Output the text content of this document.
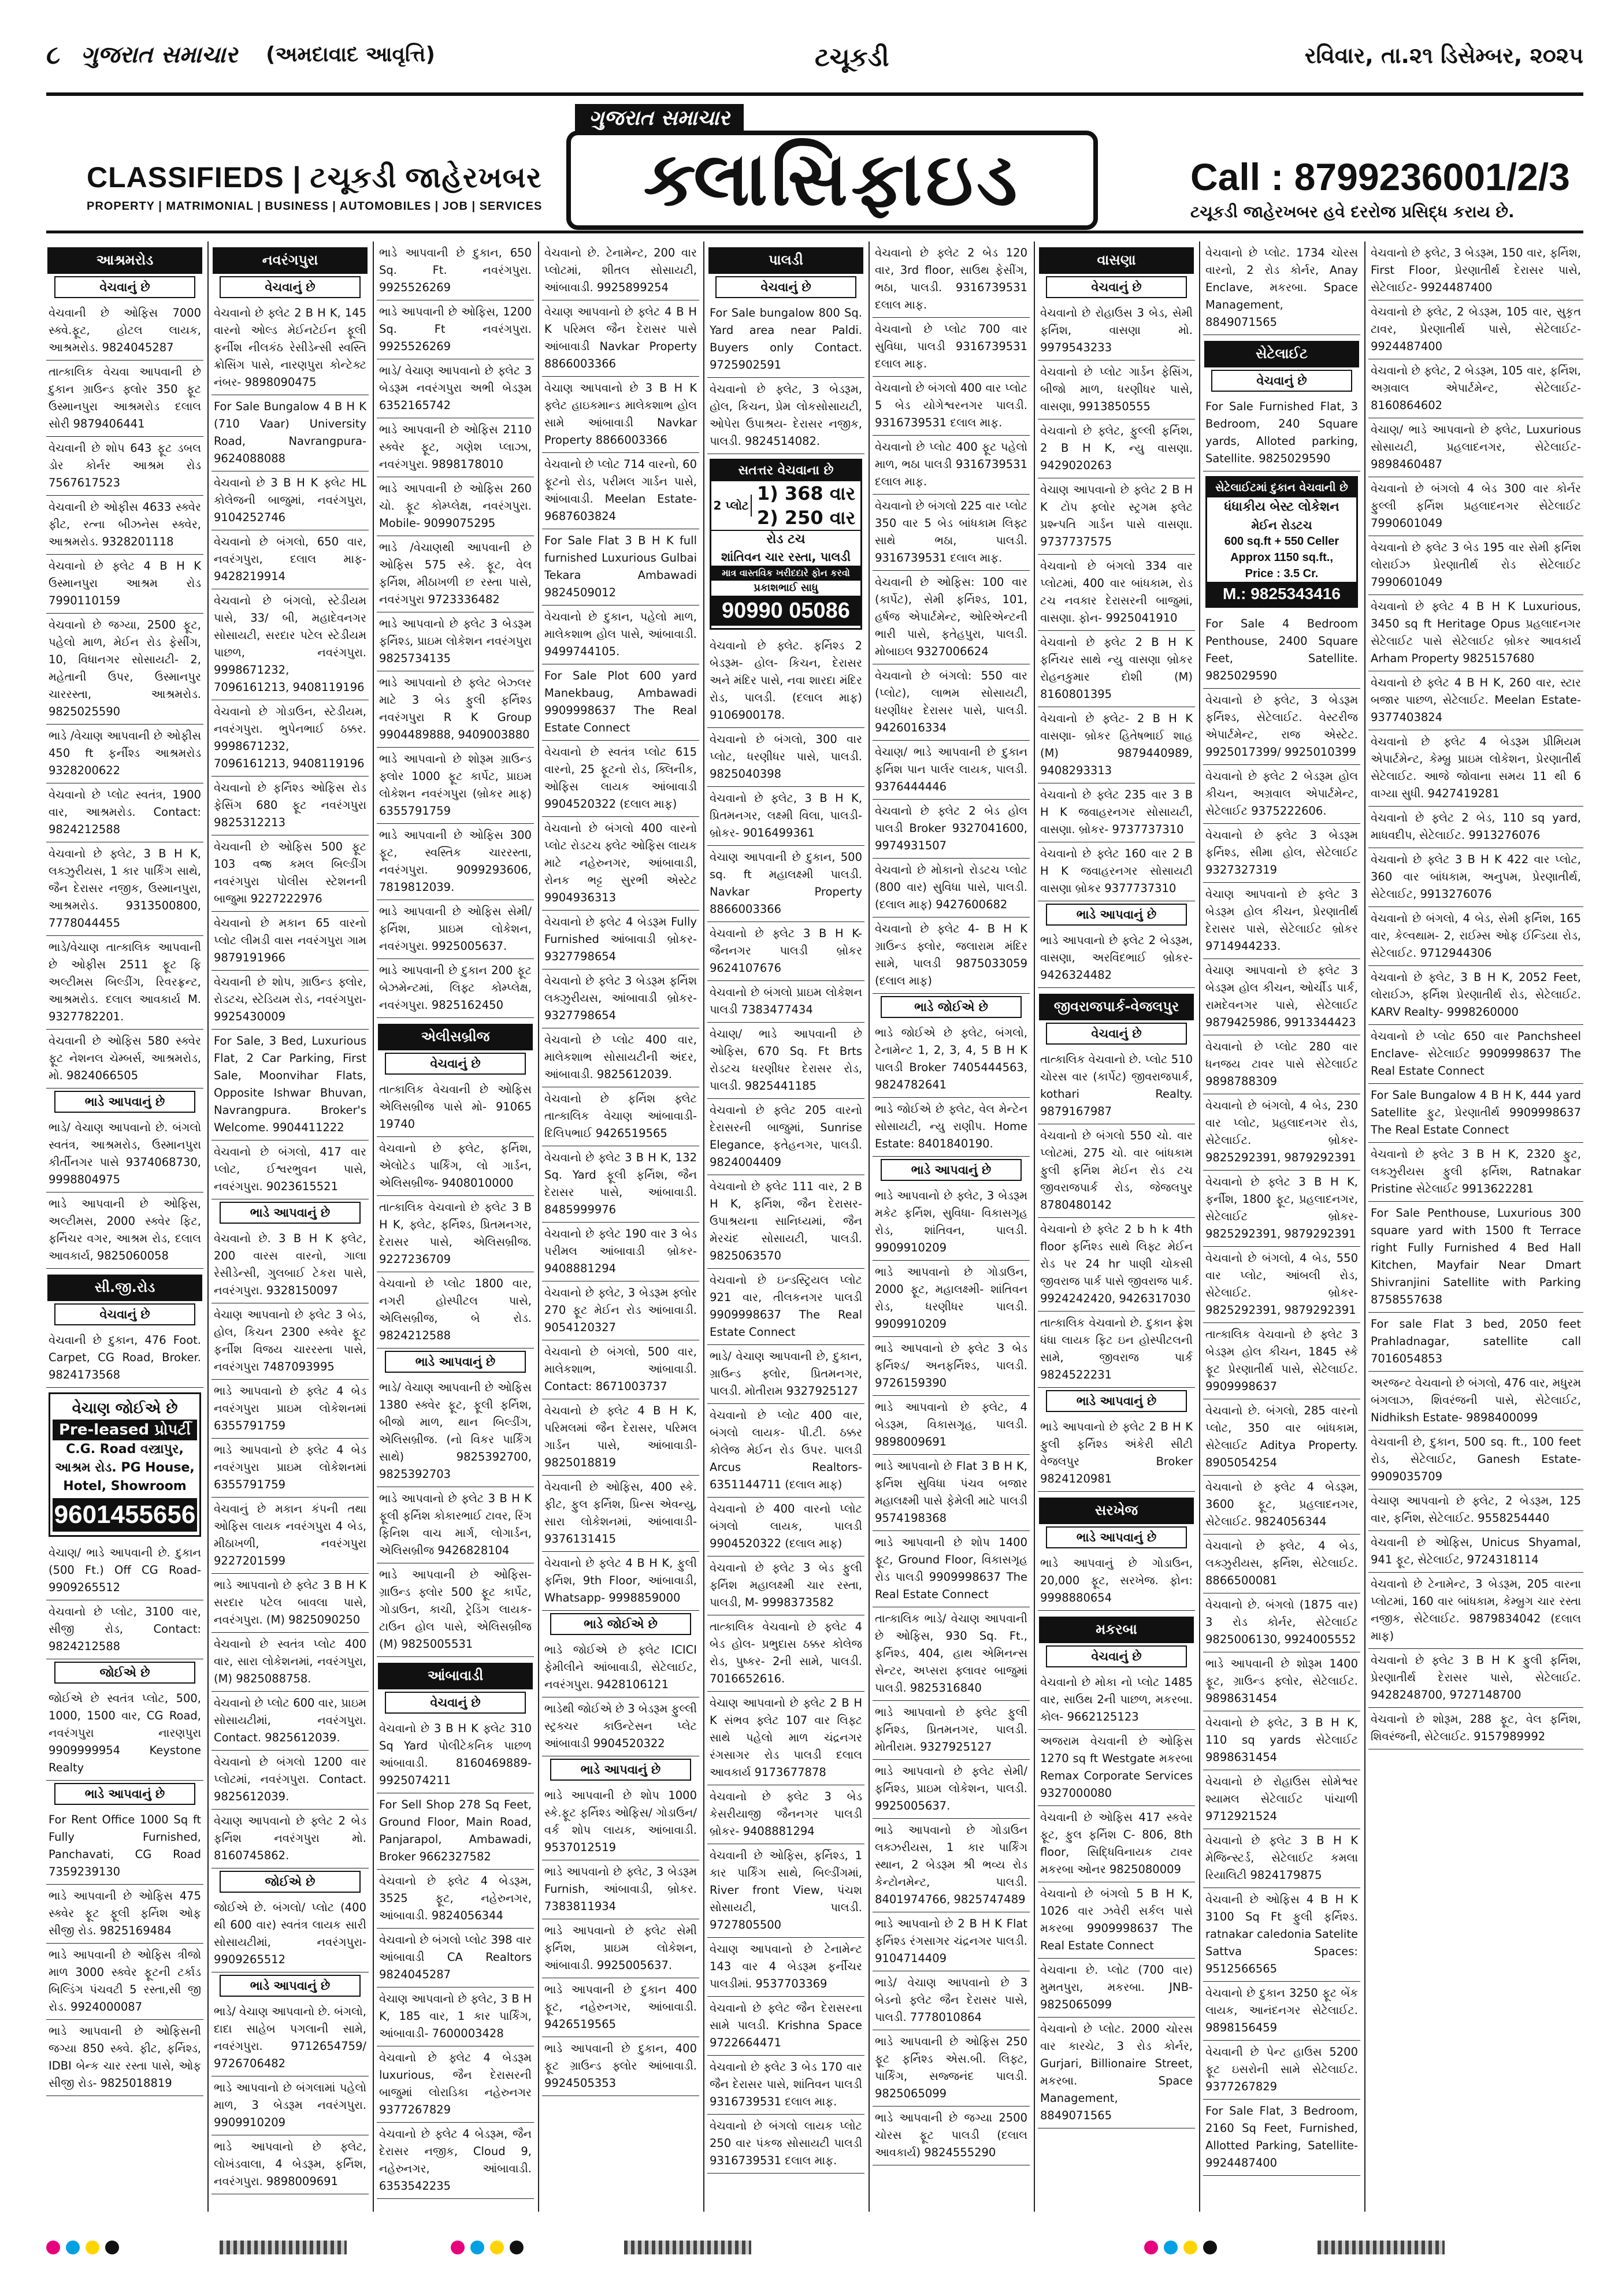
૮ ગુજરાત સમાચાર (અમદાવાદ આવૃત્તિ)	ટચૂકડી	રવિવાર, તા.૨૧ ડિસેમ્બર, ૨૦૨૫
CLASSIFIEDS | ટચૂકડી જાહેરખબર
PROPERTY | MATRIMONIAL | BUSINESS | AUTOMOBILES | JOB | SERVICES
ગુજરાત સમાચાર
ક્લાસિફાઇડ	Call : 8799236001/2/3
ટચૂકડી જાહેરખબર હવે દરરોજ પ્રસિદ્ધ કરાય છે.
આશ્રમરોડ
વેચવાનું છે
વેચવાની છે ઓફિસ 7000 સ્ક્વે.ફૂટ, હોટલ લાયક, આશ્રમરોડ. 9824045287
તાત્કાલિક વેચવા આપવાની છે દુકાન ગ્રાઉન્ડ ફ્લોર 350 ફૂટ ઉસ્માનપુરા આશ્રમરોડ દલાલ સોરી 9879406441
વેચવાની છે શોપ 643 ફૂટ ડબલ ડોર કોર્નર આશ્રમ રોડ 7567617523
વેચવાની છે ઓફીસ 4633 સ્ક્વેર ફીટ, રત્ના બીઝનેસ સ્ક્વેર, આશ્રમરોડ. 9328201118
વેચવાનો છે ફ્લેટ 4 B H K ઉસ્માનપુરા આશ્રમ રોડ 7990110159
વેચવાનો છે જગ્યા, 2500 ફૂટ, પહેલો માળ, મેઈન રોડ ફેસીંગ, 10, વિધાનગર સોસાયટી- 2, મહેતાની ઉપર, ઉસ્માનપુર ચારરસ્તા, આશ્રમરોડ. 9825025590
ભાડે /વેચાણ આપવાની છે ઓફીસ 450 ft ફર્નીશ્ડ આશ્રમરોડ 9328200622
વેચવાનો છે પ્લોટ સ્વતંત્ર, 1900 વાર, આશ્રમરોડ. Contact: 9824212588
વેચવાનો છે ફ્લેટ, 3 B H K, લક્ઝુરીયસ, 1 કાર પાર્કિંગ સાથે, જૈન દેરાસર નજીક, ઉસ્માનપુરા, આશ્રમરોડ. 9313500800, 7778044455
ભાડે/વેચાણ તાત્કાલિક આપવાની છે ઓફીસ 2511 ફૂટ ફિ અલ્ટીમસ બિલ્ડીંગ, રિવરફ્રન્ટ, આશ્રમરોડ. દલાલ આવકાર્ય M. 9327782201.
વેચવાની છે ઓફિસ 580 સ્ક્વેર ફૂટ નેશનલ ચેમ્બર્સ, આશ્રમરોડ, મો. 9824066505
ભાડે આપવાનું છે
ભાડે/ વેચાણ આપવાનો છે. બંગલો સ્વતંત્ર, આશ્રમરોડ, ઉસ્માનપુરા કીર્તીનગર પાસે 9374068730, 9998804975
ભાડે આપવાની છે ઓફિસ, અલ્ટીમસ, 2000 સ્ક્વેર ફિટ, ફર્નિચર વગર, આશ્રમ રોડ, દલાલ આવકાર્ય, 9825060058
સી.જી.રોડ
વેચવાનું છે
વેચવાની છે દુકાન, 476 Foot. Carpet, CG Road, Broker. 9824173568
વેચાણ જોઈએ છે
Pre-leased પ્રોપર્ટી
C.G. Road વસ્ત્રાપુર,
આશ્રમ રોડ. PG House,
Hotel, Showroom
9601455656
વેચાણ/ ભાડે આપવાની છે. દુકાન (500 Ft.) Off CG Road- 9909265512
વેચવાનો છે પ્લોટ, 3100 વાર, સીજી રોડ, Contact: 9824212588
જોઈએ છે
જોઈએ છે સ્વતંત્ર પ્લોટ, 500, 1000, 1500 વાર, CG Road, નવરંગપુરા નારણપુરા 9909999954 Keystone Realty
ભાડે આપવાનું છે
For Rent Office 1000 Sq ft Fully Furnished, Panchavati, CG Road 7359239130
ભાડે આપવાની છે ઓફિસ 475 સ્ક્વેર ફૂટ ફૂલી ફર્નિશ ઓફ સીજી રોડ. 9825169484
ભાડે આપવાની છે ઓફિસ ત્રીજો માળ 3000 સ્ક્વેર ફૂટની ટર્કાડ બિલ્ડિંગ પંચવટી 5 રસ્તા,સી જી રોડ. 9924000087
ભાડે આપવાની છે ઓફિસની જગ્યા 850 સ્ક્વે. ફીટ, ફર્નિશ્ડ, IDBI બેન્ક ચાર રસ્તા પાસે, ઓફ સીજી રોડ- 9825018819
નવરંગપુરા
વેચવાનું છે
વેચવાનો છે ફ્લેટ 2 B H K, 145 વારનો ઓલ્ડ મેઈનટેઈન ફૂલી ફર્નીશ નીલકંઠ રેસીડેન્સી સ્વસ્તિ ક્રોસિંગ પાસે, નારણપુરા કોન્ટેક્ટ નંબર- 9898090475
For Sale Bungalow 4 B H K (710 Vaar) University Road, Navrangpura- 9624088088
વેચવાનો છે 3 B H K ફ્લેટ HL કોલેજની બાજુમાં, નવરંગપુરા, 9104252746
વેચવાનો છે બંગલો, 650 વાર, નવરંગપુરા, દલાલ માફ- 9428219914
વેચવાનો છે બંગલો, સ્ટેડીયમ પાસે, 33/ બી, મહાદેવનગર સોસાયટી, સરદાર પટેલ સ્ટેડીયમ પાછળ, નવરંગપુરા. 9998671232, 7096161213, 9408119196
વેચવાનો છે ગોડાઉન, સ્ટેડીયમ, નવરંગપુરા. ભુપેનભાઈ ઠક્કર. 9998671232, 7096161213, 9408119196
વેચવાનો છે ફર્નિશ્ડ ઓફિસ રોડ ફેસિંગ 680 ફૂટ નવરંગપુરા 9825312213
વેચવાની છે ઓફિસ 500 ફૂટ 103 વજ્ર કમલ બિલ્ડીંગ નવરંગપુરા પોલીસ સ્ટેશનની બાજુમા 9227222976
વેચવાનો છે મકાન 65 વારનો પ્લોટ લીમડી વાસ નવરંગપુરા ગામ 9879191966
વેચવાની છે શોપ, ગ્રાઉન્ડ ફ્લોર, રોડટચ, સ્ટેડિયમ રોડ, નવરંગપુરા- 9925430009
For Sale, 3 Bed, Luxurious Flat, 2 Car Parking, First Sale, Moonvihar Flats, Opposite Ishwar Bhuvan, Navrangpura. Broker's Welcome. 9904411222
વેચવાનો છે બંગલો, 417 વાર પ્લોટ, ઈશ્વરભુવન પાસે, નવરંગપુરા. 9023615521
ભાડે આપવાનું છે
વેચવાનો છે. 3 B H K ફ્લેટ, 200 વારસ વારનો, ગાલા રેસીડેન્સી, ગુલબાઈ ટેકરા પાસે, નવરંગપુરા. 9328150097
વેચાણ આપવાનો છે ફ્લેટ 3 બેડ, હોલ, કિચન 2300 સ્ક્વેર ફૂટ ફર્નીશ વિજય ચારરસ્તા પાસે, નવરંગપુરા 7487093995
ભાડે આપવાનો છે ફ્લેટ 4 બેડ નવરંગપુરા પ્રાઇમ લોકેશનમાં 6355791759
ભાડે આપવાનો છે ફ્લેટ 4 બેડ નવરંગપુરા પ્રાઇમ લોકેશનમાં 6355791759
વેચવાનું છે મકાન કંપની તથા ઓફિસ લાયક નવરંગપુરા 4 બેડ, મીઠાખળી, નવરંગપુરા 9227201599
ભાડે આપવાનો છે ફ્લેટ 3 B H K સરદાર પટેલ બાવલા પાસે, નવરંગપુરા. (M) 9825090250
વેચવાનો છે સ્વતંત્ર પ્લોટ 400 વાર, સારા લોકેશનમાં, નવરંગપુરા, (M) 9825088758.
વેચવાનો છે પ્લોટ 600 વાર, પ્રાઇમ સોસાયટીમાં, નવરંગપુરા. Contact. 9825612039.
વેચવાનો છે બંગલો 1200 વાર પ્લોટમાં, નવરંગપુરા. Contact. 9825612039.
વેચાણ આપવાનો છે ફ્લેટ 2 બેડ ફર્નિશ નવરંગપુરા મો. 8160745862.
જોઈએ છે
જોઈએ છે. બંગલો/ પ્લોટ (400 થી 600 વાર) સ્વતંત્ર લાયક સારી સોસાયટીમાં, નવરંગપુરા- 9909265512
ભાડે આપવાનું છે
ભાડે/ વેચાણ આપવાનો છે. બંગલો, દાદા સાહેબ પગલાની સામે, નવરંગપુરા. 9712654759/ 9726706482
ભાડે આપવાનો છે બંગલામાં પહેલો માળ, 3 બેડરૂમ નવરંગપુરા. 9909910209
ભાડે આપવાનો છે ફ્લેટ, લોખંડવાલા, 4 બેડરૂમ, ફર્નિશ, નવરંગપુરા. 9898009691
ભાડે આપવાની છે દુકાન, 650 Sq. Ft. નવરંગપુરા. 9925526269
ભાડે આપવાની છે ઓફિસ, 1200 Sq. Ft નવરંગપુરા. 9925526269
ભાડે/ વેચાણ આપવાનો છે ફ્લેટ 3 બેડરૂમ નવરંગપુરા અભી બેડરૂમ 6352165742
ભાડે આપવાની છે ઓફિસ 2110 સ્ક્વેર ફૂટ, ગણેશ પ્લાઝા, નવરંગપુરા. 9898178010
ભાડે આપવાની છે ઓફિસ 260 ચો. ફૂટ કોમ્પ્લેક્ષ, નવરંગપુરા. Mobile- 9099075295
ભાડે /વેચાણથી આપવાની છે ઓફિસ 575 સ્કે. ફૂટ, વેલ ફર્નિશ, મીઠાખળી છ રસ્તા પાસે, નવરંગપુરા 9723336482
ભાડે આપવાનો છે ફ્લેટ 3 બેડરૂમ ફર્નિશ્ડ, પ્રાઇમ લોકેશન નવરંગપુરા 9825734135
ભાડે આપવાનો છે ફ્લેટ બેઝ્લર માટે 3 બેડ ફુલી ફર્નિશ્ડ નવરંગપુરા R K Group 9904489888, 9409003880
ભાડે આપવાનો છે શોરૂમ ગ્રાઉન્ડ ફ્લોર 1000 ફૂટ કાર્પેટ, પ્રાઇમ લોકેશન નવરંગપુરા (બ્રોકર માફ) 6355791759
ભાડે આપવાની છે ઓફિસ 300 ફૂટ, સ્વસ્તિક ચારરસ્તા, નવરંગપુરા. 9099293606, 7819812039.
ભાડે આપવાની છે ઓફિસ સેમી/ ફર્નિશ, પ્રાઇમ લોકેશન, નવરંગપુરા. 9925005637.
ભાડે આપવાની છે દુકાન 200 ફૂટ બેઝમેન્ટમાં, લિફ્ટ કોમ્પ્લેક્ષ, નવરંગપુરા. 9825162450
એલીસબ્રીજ
વેચવાનું છે
તાત્કાલિક વેચવાની છે ઓફિસ એલિસબ્રીજ પાસે મો- 91065 19740
વેચવાનો છે ફ્લેટ, ફર્નિશ, એલોટેડ પાર્કિંગ, લો ગાર્ડન, એલિસબ્રીજ- 9408010000
તાત્કાલિક વેચવાનો છે ફ્લેટ 3 B H K, ફ્લેટ, ફર્નિશ્ડ, પ્રિતમનગર, દેરાસર પાસે, એલિસબ્રીજ. 9227236709
વેચવાનો છે પ્લોટ 1800 વાર, નગરી હોસ્પીટલ પાસે, એલિસબ્રીજ, બે રોડ. 9824212588
ભાડે આપવાનું છે
ભાડે/ વેચાણ આપવાની છે ઓફિસ 1380 સ્ક્વેર ફૂટ, ફૂલી ફર્નિશ, બીજો માળ, થાન બિલ્ડીંગ, એલિસબ્રીજ. (નો વિકર પાર્કિંગ સાથે) 9825392700, 9825392703
ભાડે આપવાનો છે ફ્લેટ 3 B H K ફૂલી ફર્નિશ કોકારભાઈ ટાવર, રિંગ ફિનિશ વાચ માર્ગ, લોગાર્ડન, એલિસબ્રીજ 9426828104
ભાડે આપવાની છે ઓફિસ- ગ્રાઉન્ડ ફ્લોર 500 ફૂટ કાર્પેટ, ગોડાઉન, કાચી, ટ્રેડિંગ લાયક- ટાઉન હોલ પાસે, એલિસબ્રીજ (M) 9825005531
આંબાવાડી
વેચવાનું છે
વેચવાનો છે 3 B H K ફ્લેટ 310 Sq Yard પોલીટેકનિક પાછળ આંબાવાડી. 8160469889- 9925074211
For Sell Shop 278 Sq Feet, Ground Floor, Main Road, Panjarapol, Ambawadi, Broker 9662327582
વેચવાનો છે ફ્લેટ 4 બેડરૂમ, 3525 ફૂટ, નહેરુનગર, આંબાવાડી. 9824056344
વેચવાનો છે બંગલો પ્લોટ 398 વાર આંબાવાડી CA Realtors 9824045287
વેચાણ આપવાનો છે ફ્લેટ, 3 B H K, 185 વાર, 1 કાર પાર્કિંગ, આંબાવાડી- 7600003428
વેચવાનો છે ફ્લેટ 4 બેડરૂમ luxurious, જૈન દેરાસરની બાજુમાં લોરાડિકા નહેરુનગર 9377267829
વેચવાનો છે ફ્લેટ 4 બેડરૂમ, જૈન દેરાસર નજીક, Cloud 9, નહેરુનગર, આંબાવાડી. 6353542235
વેચવાનો છે. ટેનામેન્ટ, 200 વાર પ્લોટમાં, શીતલ સોસાયટી, આંબાવાડી. 9925899254
વેચાણ આપવાનો છે ફ્લેટ 4 B H K પરિમલ જૈન દેરાસર પાસે આંબાવાડી Navkar Property 8866003366
વેચાણ આપવાનો છે 3 B H K ફ્લેટ હાઇકમાન્ડ માલેકશાભ હોલ સામે આંબાવાડી Navkar Property 8866003366
વેચવાનો છે પ્લોટ 714 વારનો, 60 ફૂટનો રોડ, પરીમલ ગાર્ડન પાસે, આંબાવાડી. Meelan Estate- 9687603824
For Sale Flat 3 B H K full furnished Luxurious Gulbai Tekara Ambawadi 9824509012
વેચવાનો છે દુકાન, પહેલો માળ, માલેકશાભ હોલ પાસે, આંબાવાડી. 9499744105.
For Sale Plot 600 yard Manekbaug, Ambawadi 9909998637 The Real Estate Connect
વેચવાનો છે સ્વતંત્ર પ્લોટ 615 વારનો, 25 ફૂટનો રોડ, ક્લિનીક, ઓફિસ લાયક આંબાવાડી 9904520322 (દલાલ માફ)
વેચવાનો છે બંગલો 400 વારનો પ્લોટ રોડટચ ફ્લેટ ઓફિસ લાયક માટે નહેરુનગર, આંબાવાડી, રોનક ભટ્ટ સુરભી એસ્ટેટ 9904936313
વેચવાનો છે ફ્લેટ 4 બેડરૂમ Fully Furnished આંબાવાડી બ્રોકર- 9327798654
વેચવાનો છે ફ્લેટ 3 બેડરૂમ ફર્નિશ લક્ઝુરીયસ, આંબાવાડી બ્રોકર- 9327798654
વેચવાનો છે પ્લોટ 400 વાર, માલેકશાભ સોસાયટીની અંદર, આંબાવાડી. 9825612039.
વેચવાનો છે ફર્નિશ ફ્લેટ તાત્કાલિક વેચાણ આંબાવાડી- દિલિપભાઈ 9426519565
વેચવાનો છે ફ્લેટ 3 B H K, 132 Sq. Yard ફૂલી ફર્નિશ, જૈન દેરાસર પાસે, આંબાવાડી. 8485999976
વેચવાનો છે ફ્લેટ 190 વાર 3 બેડ પરીમલ આંબાવાડી બ્રોકર- 9408881294
વેચવાનો છે ફ્લેટ, 3 બેડરૂમ ફ્લોર 270 ફૂટ મેઈન રોડ આંબાવાડી. 9054120327
વેચવાનો છે બંગલો, 500 વાર, માલેકશાભ, આંબાવાડી. Contact: 8671003737
વેચવાનો છે ફ્લેટ 4 B H K, પરિમલમાં જૈન દેરાસર, પરિમલ ગાર્ડન પાસે, આંબાવાડી- 9825018819
વેચવાની છે ઓફિસ, 400 સ્કે. ફીટ, ફુલ ફર્નિશ, પ્રિન્સ એવન્યુ, સારા લોકેશનમાં, આંબાવાડી- 9376131415
વેચવાનો છે ફ્લેટ 4 B H K, ફુલી ફર્નિશ, 9th Floor, આંબાવાડી, Whatsapp- 9998859000
ભાડે જોઈએ છે
ભાડે જોઈએ છે ફ્લેટ ICICI ફેમીલીને આંબાવાડી, સેટેલાઈટ, નવરંગપુરા. 9428106121
ભાડેથી જોઈએ છે 3 બેડરૂમ ફુલ્લી સ્ટ્રક્ચર કાઉન્ટેસન પ્લેટ આંબાવાડી 9904520322
ભાડે આપવાનું છે
ભાડે આપવાની છે શોપ 1000 સ્કે.ફૂટ ફર્નિશ્ડ ઓફિસ/ ગોડાઉન/ વર્ક શોપ લાયક, આંબાવાડી. 9537012519
ભાડે આપવાનો છે ફ્લેટ, 3 બેડરૂમ Furnish, આંબાવાડી, બ્રોકર. 7383811934
ભાડે આપવાનો છે ફ્લેટ સેમી ફર્નિશ, પ્રાઇમ લોકેશન, આંબાવાડી. 9925005637.
ભાડે આપવાની છે દુકાન 400 ફૂટ, નહેરુનગર, આંબાવાડી. 9426519565
ભાડે આપવાની છે દુકાન, 400 ફૂટ ગ્રાઉન્ડ ફ્લોર આંબાવાડી. 9924505353
પાલડી
વેચવાનું છે
For Sale bungalow 800 Sq. Yard area near Paldi. Buyers only Contact. 9725902591
વેચવાનો છે ફ્લેટ, 3 બેડરૂમ, હોલ, કિચન, પ્રેમ લોકસોસાયટી, ઓપેરા ઉપાશ્રય- દેરાસર નજીક, પાલડી. 9824514082.
સતત્તર વેચવાના છે
2 પ્લોટ
1) 368 વાર
2) 250 વાર
રોડ ટચ
શાંતિવન ચાર રસ્તા, પાલડી
માત્ર વાસ્તવિક ખરીદદારે ફોન કરવો
પ્રકાશભાઈ સાધુ
90990 05086
વેચવાનો છે ફ્લેટ. ફર્નિશ્ડ 2 બેડરૂમ- હોલ- કિચન, દેરાસર અને મંદિર પાસે, નવા શારદા મંદિર રોડ, પાલડી. (દલાલ માફ) 9106900178.
વેચવાનો છે બંગલો, 300 વાર પ્લોટ, ધરણીધર પાસે, પાલડી. 9825040398
વેચવાનો છે ફ્લેટ, 3 B H K, પ્રિતમનગર, લક્ષ્મી વિલા, પાલડી- બ્રોકર- 9016499361
વેચાણ આપવાની છે દુકાન, 500 sq. ft મહાલક્ષ્મી પાલડી. Navkar Property 8866003366
વેચવાનો છે ફ્લેટ 3 B H K- જૈનનગર પાલડી બ્રોકર 9624107676
વેચવાનો છે બંગલો પ્રાઇમ લોકેશન પાલડી 7383477434
વેચાણ/ ભાડે આપવાની છે ઓફિસ, 670 Sq. Ft Brts રોડટચ ધરણીધર દેરાસર રોડ, પાલડી. 9825441185
વેચવાનો છે ફ્લેટ 205 વારનો દેરાસરની બાજુમાં, Sunrise Elegance, ફતેહનગર, પાલડી. 9824004409
વેચવાનો છે ફ્લેટ 111 વાર, 2 B H K, ફર્નિશ, જૈન દેરાસર- ઉપાશ્રયના સાનિધ્યમાં, જૈન મેરચંદ સોસાયટી, પાલડી. 9825063570
વેચવાનો છે ઇન્ડસ્ટ્રિયલ પ્લોટ 921 વાર, તીલકનગર પાલડી 9909998637 The Real Estate Connect
ભાડે/ વેચાણ આપવાની છે, દુકાન, ગ્રાઉન્ડ ફ્લોર, પ્રિતમનગર, પાલડી. મોતીરામ 9327925127
વેચવાનો છે પ્લોટ 400 વાર, બંગલો લાયક- પી.ટી. ઠક્કર કોલેજ મેઈન રોડ ઉપર. પાલડી Arcus Realtors- 6351144711 (દલાલ માફ)
વેચવાનો છે 400 વારનો પ્લોટ બંગલો લાયક, પાલડી 9904520322 (દલાલ માફ)
વેચવાનો છે ફ્લેટ 3 બેડ ફુલી ફર્નિશ મહાલક્ષ્મી ચાર રસ્તા, પાલડી, M- 9998373582
તાત્કાલિક વેચવાનો છે ફ્લેટ 4 બેડ હોલ- પ્રભુદાસ ઠક્કર કોલેજ રોડ, પુષ્કર- 2ની સામે, પાલડી. 7016652616.
વેચાણ આપવાનો છે ફ્લેટ 2 B H K સંભવ ફ્લેટ 107 વાર લિફ્ટ સાથે પહેલો માળ ચંદ્રનગર રંગસાગર રોડ પાલડી દલાલ આવકાર્ય 9173677878
વેચવાનો છે ફ્લેટ 3 બેડ કેસરીયાજી જૈનનગર પાલડી બ્રોકર- 9408881294
વેચવાની છે ઓફિસ, ફર્નિશ્ડ, 1 કાર પાર્કિંગ સાથે, બિલ્ડીંગમાં, River front View, પંચશ સોસાયટી, પાલડી. 9727805500
વેચાણ આપવાનો છે ટેનામેન્ટ 143 વાર 4 બેડરૂમ ફર્નીચર પાલડીમાં. 9537703369
વેચવાનો છે ફ્લેટ જૈન દેરાસરના સામે પાલડી. Krishna Space 9722664471
વેચવાનો છે ફ્લેટ 3 બેડ 170 વાર જૈન દેરાસર પાસે, શાંતિવન પાલડી 9316739531 દલાલ માફ.
વેચવાનો છે બંગલો લાયક પ્લોટ 250 વાર પંકજ સોસાયટી પાલડી 9316739531 દલાલ માફ.
વેચવાનો છે ફ્લેટ 2 બેડ 120 વાર, 3rd floor, સાઉથ ફેસીંગ, ભઠા, પાલડી. 9316739531 દલાલ માફ.
વેચવાનો છે પ્લોટ 700 વાર સુવિધા, પાલડી 9316739531 દલાલ માફ.
વેચવાનો છે બંગલો 400 વાર પ્લોટ 5 બેડ યોગેશ્વરનગર પાલડી. 9316739531 દલાલ માફ.
વેચવાનો છે પ્લોટ 400 ફૂટ પહેલો માળ, ભઠા પાલડી 9316739531 દલાલ માફ.
વેચવાનો છે બંગલો 225 વાર પ્લોટ 350 વાર 5 બેડ બાંધકામ લિફ્ટ સાથે ભઠા, પાલડી. 9316739531 દલાલ માફ.
વેચવાની છે ઓફિસ: 100 વાર (કાર્પેટ), સેમી ફર્નિશ્ડ, 101, હર્ષજ એપાર્ટમેન્ટ, ઓરિએન્ટની ભારી પાસે, ફતેહપુરા, પાલડી. મોબાઇલ 9327006624
વેચવાનો છે બંગલો: 550 વાર (પ્લોટ), લાભમ સોસાયટી, ધરણીધર દેરાસર પાસે, પાલડી. 9426016334
વેચાણ/ ભાડે આપવાની છે દુકાન ફર્નિશ પાન પાર્લર લાયક, પાલડી. 9376444446
વેચવાનો છે ફ્લેટ 2 બેડ હોલ પાલડી Broker 9327041600, 9974931507
વેચવાનો છે મોકાનો રોડટચ પ્લોટ (800 વાર) સુવિધા પાસે, પાલડી. (દલાલ માફ) 9427600682
વેચવાનો છે ફ્લેટ 4- B H K ગ્રાઉન્ડ ફ્લોર, જલારામ મંદિર સામે, પાલડી 9875033059 (દલાલ માફ)
ભાડે જોઈએ છે
ભાડે જોઈએ છે ફ્લેટ, બંગલો, ટેનામેન્ટ 1, 2, 3, 4, 5 B H K પાલડી Broker 7405444563, 9824782641
ભાડે જોઈએ છે ફ્લેટ, વેલ મેન્ટેન સોસાયટી, ન્યુ રાણીપ. Home Estate: 8401840190.
ભાડે આપવાનું છે
ભાડે આપવાનો છે ફ્લેટ, 3 બેડરૂમ મકેટ ફર્નિશ, સુવિધા- વિકાસગૃહ રોડ, શાંતિવન, પાલડી. 9909910209
ભાડે આપવાનો છે ગોડાઉન, 2000 ફૂટ, મહાલક્ષ્મી- શાંતિવન રોડ, ધરણીધર પાલડી. 9909910209
ભાડે આપવાનો છે ફ્લેટ 3 બેડ ફર્નિશ્ડ/ અનફર્નિશ્ડ, પાલડી. 9726159390
ભાડે આપવાનો છે ફ્લેટ, 4 બેડરૂમ, વિકાસગૃહ, પાલડી. 9898009691
ભાડે આપવાનો છે Flat 3 B H K, ફર્નિશ સુવિધા પંચવ બજાર મહાલક્ષ્મી પાસે ફેમેલી માટે પાલડી 9574198368
ભાડે આપવાની છે શોપ 1400 ફૂટ, Ground Floor, વિકાસગૃહ રોડ પાલડી 9909998637 The Real Estate Connect
તાત્કાલિક ભાડે/ વેચાણ આપવાની છે ઓફિસ, 930 Sq. Ft., ફર્નિશ્ડ, 404, હાથ એમિનન્સ સેન્ટર, અપ્સરા ફ્લાવર બાજુમાં પાલડી. 9825316840
ભાડે આપવાનો છે ફ્લેટ ફુલી ફર્નિશ્ડ, પ્રિતમનગર, પાલડી. મોતીરામ. 9327925127
ભાડે આપવાનો છે ફ્લેટ સેમી/ ફર્નિશ્ડ, પ્રાઇમ લોકેશન, પાલડી. 9925005637.
ભાડે આપવાનો છે ગોડાઉન લક્ઝરીયસ, 1 કાર પાર્કિંગ સ્થાન, 2 બેડરૂમ શ્રી ભવ્ય રોડ કેન્ટોનમેન્ટ, પાલડી. 8401974766, 9825747489
ભાડે આપવાનો છે 2 B H K Flat ફર્નિશ્ડ રંગસાગર ચંદ્રનગર પાલડી. 9104714409
ભાડે/ વેચાણ આપવાનો છે 3 બેડનો ફ્લેટ જૈન દેરાસર પાસે, પાલડી. 7778010864
ભાડે આપવાની છે ઓફિસ 250 ફૂટ ફર્નિશ્ડ એસ.બી. લિફ્ટ, પાર્કિંગ, સજ્જનંદ પાલડી. 9825065099
ભાડે આપવાની છે જગ્યા 2500 ચોરસ ફૂટ પાલડી (દલાલ આવકાર્ય) 9824555290
વાસણા
વેચવાનું છે
વેચવાનો છે રોહાઉસ 3 બેડ, સેમી ફર્નિશ, વાસણા મો. 9979543233
વેચવાનો છે પ્લોટ ગાર્ડન ફેસિંગ, બીજો માળ, ધરણીધર પાસે, વાસણા, 9913850555
વેચવાનો છે ફ્લેટ, ફુલ્લી ફર્નિશ, 2 B H K, ન્યુ વાસણા. 9429020263
વેચાણ આપવાનો છે ફ્લેટ 2 B H K ટોપ ફ્લોર સ્ટ્રગમ ફ્લેટ પ્રશ્ન્પતિ ગાર્ડન પાસે વાસણા. 9737737575
વેચવાનો છે બંગલો 334 વાર પ્લોટમાં, 400 વાર બાંધકામ, રોડ ટચ નવકાર દેરાસરની બાજુમાં, વાસણા. ફોન- 9925041910
વેચવાનો છે ફ્લેટ 2 B H K ફર્નિચર સાથે ન્યુ વાસણા બ્રોકર રોહનકુમાર દોશી (M) 8160801395
વેચવાનો છે ફ્લેટ- 2 B H K વાસણા- બ્રોકર હિતેષભાઈ શાહ (M) 9879440989, 9408293313
વેચવાનો છે ફ્લેટ 235 વાર 3 B H K જવાહરનગર સોસાયટી, વાસણા. બ્રોકર- 9737737310
વેચવાનો છે ફ્લેટ 160 વાર 2 B H K જવાહરનગર સોસાયટી વાસણા બ્રોકર 9377737310
ભાડે આપવાનું છે
ભાડે આપવાનો છે ફ્લેટ 2 બેડરૂમ, વાસણા, અરવિંદભાઈ બ્રોકર- 9426324482
જીવરાજપાર્ક-વેજલપુર
વેચવાનું છે
તાત્કાલિક વેચવાનો છે. પ્લોટ 510 ચોરસ વાર (કાર્પેટ) જીવરાજપાર્ક, kothari Realty. 9879167987
વેચવાનો છે બંગલો 550 ચો. વાર પ્લોટમાં, 275 ચો. વાર બાંધકામ ફુલી ફર્નિશ મેઈન રોડ ટચ જીવરાજપાર્ક રોડ, જેજલપુર 8780480142
વેચવાનો છે ફ્લેટ 2 b h k 4th floor ફર્નિશ્ડ સાથે લિફ્ટ મેઈન રોડ પર 24 hr પાણી ચોકસી જીવરાજ પાર્ક પાસે જીવરાજ પાર્ક. 9924242420, 9426317030
તાત્કાલિક વેચવાનો છે. દુકાન ફ્રેશ ધંધા લાયક ફિટ ઇન હોસ્પીટલની સામે, જીવરાજ પાર્ક 9824522231
ભાડે આપવાનું છે
ભાડે આપવાનો છે ફ્લેટ 2 B H K ફુલી ફર્નિશ્ડ અંકેરી સીટી વેજલપુર Broker 9824120981
સરખેજ
ભાડે આપવાનું છે
ભાડે આપવાનું છે ગોડાઉન, 20,000 ફૂટ, સરખેજ. ફોન: 9998880654
મકરબા
વેચવાનું છે
વેચવાનો છે મોકા નો પ્લોટ 1485 વાર, સાઉથ 2ની પાછળ, મકરબા. કોલ- 9662125123
અજરામ વેચવાની છે ઓફિસ 1270 sq ft Westgate મકરબા Remax Corporate Services 9327000080
વેચવાની છે ઓફિસ 417 સ્કવેર ફૂટ, ફુલ ફર્નિશ C- 806, 8th floor, સિદ્ધિવિનાયક ટાવર મકરબા ઓનર 9825080009
વેચવાનો છે બંગલો 5 B H K, 1026 વાર ઝવેરી સર્કલ પાસે મકરબા 9909998637 The Real Estate Connect
વેચવાના છે. પ્લોટ (700 વાર) મુમતપુરા, મકરબા. JNB- 9825065099
વેચવાનો છે પ્લોટ. 2000 ચોરસ વાર કારચેટ, 3 રોડ કોર્નર, Gurjari, Billionaire Street, મકરબા. Space Management, 8849071565
વેચવાનો છે પ્લોટ. 1734 ચોરસ વારનો, 2 રોડ કોર્નર, Anay Enclave, મકરબા. Space Management, 8849071565
સેટેલાઈટ
વેચવાનું છે
For Sale Furnished Flat, 3 Bedroom, 240 Square yards, Alloted parking, Satellite. 9825029590
સેટેલાઈટમાં દુકાન વેચવાની છે
ધંધાકીય બેસ્ટ લોકેશન
મેઈન રોડટચ
600 sq.ft + 550 Celler
Approx 1150 sq.ft.,
Price : 3.5 Cr.
M.: 9825343416
For Sale 4 Bedroom Penthouse, 2400 Square Feet, Satellite. 9825029590
વેચવાનો છે ફ્લેટ, 3 બેડરૂમ ફર્નિશ્ડ, સેટેલાઈટ. વેસ્ટરીજ એપાર્ટમેન્ટ, રાજ એસ્ટેટ. 9925017399/ 9925010399
વેચવાનો છે ફ્લેટ 2 બેડરૂમ હોલ કીચન, અગ્રવાલ એપાર્ટમેન્ટ, સેટેલાઈટ 9375222606.
વેચવાનો છે ફ્લેટ 3 બેડરૂમ ફર્નિશ્ડ, સીમા હોલ, સેટેલાઈટ 9327327319
વેચાણ આપવાનો છે ફ્લેટ 3 બેડરૂમ હોલ કીચન, પ્રેરણાતીર્થ દેરાસર પાસે, સેટેલાઈટ બ્રોકર 9714944233.
વેચાણ આપવાનો છે ફ્લેટ 3 બેડરૂમ હોલ કીચન, ઓર્ચીડ પાર્ક, રામદેવનગર પાસે, સેટેલાઈટ 9879425986, 9913344423
વેચવાનો છે પ્લોટ 280 વાર ધનજય ટાવર પાસે સેટેલાઈટ 9898788309
વેચવાનો છે બંગલો, 4 બેડ, 230 વાર પ્લોટ, પ્રહલાદનગર રોડ, સેટેલાઈટ. બ્રોકર- 9825292391, 9879292391
વેચવાનો છે ફ્લેટ 3 B H K, ફર્નીશ, 1800 ફૂટ, પ્રહલાદનગર, સેટેલાઈટ બ્રોકર- 9825292391, 9879292391
વેચવાનો છે બંગલો, 4 બેડ, 550 વાર પ્લોટ, આંબલી રોડ, સેટેલાઈટ. બ્રોકર- 9825292391, 9879292391
તાત્કાલિક વેચવાનો છે ફ્લેટ 3 બેડરૂમ હોલ કીચન, 1845 સ્કે ફૂટ પ્રેરણાતીર્થ પાસે, સેટેલાઈટ. 9909998637
વેચવાનો છે. બંગલો, 285 વારનો પ્લોટ, 350 વાર બાંધકામ, સેટેલાઈટ Aditya Property. 8905054254
વેચવાનો છે ફ્લેટ 4 બેડરૂમ, 3600 ફૂટ, પ્રહલાદનગર, સેટેલાઈટ. 9824056344
વેચવાનો છે ફ્લેટ, 4 બેડ, લક્ઝુરીયસ, ફર્નિશ, સેટેલાઈટ. 8866500081
વેચવાનો છે. બંગલો (1875 વાર) 3 રોડ કોર્નર, સેટેલાઈટ 9825006130, 9924005552
ભાડે આપવાની છે શોરૂમ 1400 ફૂટ, ગ્રાઉન્ડ ફ્લોર, સેટેલાઈટ. 9898631454
વેચવાનો છે ફ્લેટ, 3 B H K, 110 sq yards સેટેલાઈટ 9898631454
વેચવાનો છે રોહાઉસ સોમેશ્વર શ્યામલ સેટેલાઈટ પાંચાળી 9712921524
વેચવાનો છે ફ્લેટ 3 B H K મેજિન્સ્ટર્ડ, સેટેલાઈટ કમલા રિયાલિટી 9824179875
વેચવાની છે ઓફિસ 4 B H K 3100 Sq Ft ફુલી ફર્નિશ્ડ. ratnakar caledonia Satelite Sattva Spaces: 9512566565
વેચવાનો છે દુકાન 3250 ફૂટ બેંક લાયક, આનંદનગર સેટેલાઈટ. 9898156459
વેચવાની છે પેન્ટ હાઉસ 5200 ફૂટ ઇસરોની સામે સેટેલાઈટ. 9377267829
For Sale Flat, 3 Bedroom, 2160 Sq Feet, Furnished, Allotted Parking, Satellite- 9924487400
વેચવાનો છે ફ્લેટ, 3 બેડરૂમ, 150 વાર, ફર્નિશ, First Floor, પ્રેરણાતીર્થ દેરાસર પાસે, સેટેલાઈટ- 9924487400
વેચવાનો છે ફ્લેટ, 2 બેડરૂમ, 105 વાર, સુકૃત ટાવર, પ્રેરણાતીર્થ પાસે, સેટેલાઈટ- 9924487400
વેચવાનો છે ફ્લેટ, 2 બેડરૂમ, 105 વાર, ફર્નિશ, અગ્રવાલ એપાર્ટમેન્ટ, સેટેલાઈટ- 8160864602
વેચાણ/ ભાડે આપવાનો છે ફ્લેટ, Luxurious સોસાયટી, પ્રહલાદનગર, સેટેલાઈટ- 9898460487
વેચવાનો છે બંગલો 4 બેડ 300 વાર કોર્નર ફુલ્લી ફર્નિશ પ્રહલાદનગર સેટેલાઈટ 7990601049
વેચવાનો છે ફ્લેટ 3 બેડ 195 વાર સેમી ફર્નિશ લોરાઈઝ પ્રેરણાતીર્થ રોડ સેટેલાઈટ 7990601049
વેચવાનો છે ફ્લેટ 4 B H K Luxurious, 3450 sq ft Heritage Opus પ્રહલાદનગર સેટેલાઈટ પાસે સેટેલાઈટ બ્રોકર આવકાર્ય Arham Property 9825157680
વેચવાનો છે ફ્લેટ 4 B H K, 260 વાર, સ્ટાર બજાર પાછળ, સેટેલાઈટ. Meelan Estate- 9377403824
વેચવાનો છે ફ્લેટ 4 બેડરૂમ પ્રીમિયમ એપાર્ટમેન્ટ, કેમ્બ્રુ પ્રાઇમ લોકેશન, પ્રેરણાતીર્થ સેટેલાઈટ. આજે જોવાના સમય 11 થી 6 વાગ્યા સુધી. 9427419281
વેચવાનો છે ફ્લેટ 2 બેડ, 110 sq yard, માધવદીપ, સેટેલાઈટ. 9913276076
વેચવાનો છે ફ્લેટ 3 B H K 422 વાર પ્લોટ, 360 વાર બાંધકામ, અનુપમ, પ્રેરણાતીર્થ, સેટેલાઈટ, 9913276076
વેચવાનો છે બંગલો, 4 બેડ, સેમી ફર્નિશ, 165 વાર, કેલ્વથામ- 2, રાઈમ્સ ઓફ ઈન્ડિયા રોડ, સેટેલાઈટ. 9712944306
વેચવાનો છે ફ્લેટ, 3 B H K, 2052 Feet, લોરાઈઝ, ફર્નિશ પ્રેરણાતીર્થ રોડ, સેટેલાઈટ. KARV Realty- 9998260000
વેચવાનો છે પ્લોટ 650 વાર Panchsheel Enclave- સેટેલાઈટ 9909998637 The Real Estate Connect
For Sale Bungalow 4 B H K, 444 yard Satellite ફુટ, પ્રેરણાતીર્થ 9909998637 The Real Estate Connect
વેચવાનો છે ફ્લેટ 3 B H K, 2320 ફુટ, લક્ઝુરીયસ ફુલી ફર્નિશ, Ratnakar Pristine સેટેલાઈટ 9913622281
For Sale Penthouse, Luxurious 300 square yard with 1500 ft Terrace right Fully Furnished 4 Bed Hall Kitchen, Mayfair Near Dmart Shivranjini Satellite with Parking 8758557638
For sale Flat 3 bed, 2050 feet Prahladnagar, satellite call 7016054853
અરજન્ટ વેચવાનો છે બંગલો, 476 વાર, મધુરમ બંગલાઝ, શિવરંજની પાસે, સેટેલાઈટ, Nidhiksh Estate- 9898400099
વેચવાની છે, દુકાન, 500 sq. ft., 100 feet રોડ, સેટેલાઈટ, Ganesh Estate- 9909035709
વેચાણ આપવાનો છે ફ્લેટ, 2 બેડરૂમ, 125 વાર, ફર્નિશ, સેટેલાઈટ. 9558254440
વેચવાની છે ઓફિસ, Unicus Shyamal, 941 ફૂટ, સેટેલાઈટ, 9724318114
વેચવાનો છે ટેનામેન્ટ, 3 બેડરૂમ, 205 વારના પ્લોટમાં, 160 વાર બાંધકામ, કેમ્બ્રુગ ચાર રસ્તા નજીક, સેટેલાઈટ. 9879834042 (દલાલ માફ)
વેચવાનો છે ફ્લેટ 3 B H K ફુલી ફર્નિશ, પ્રેરણાતીર્થ દેરાસર પાસે, સેટેલાઈટ. 9428248700, 9727148700
વેચવાનો છે શોરૂમ, 288 ફૂટ, વેલ ફર્નિશ, શિવરંજની, સેટેલાઈટ. 9157989992
